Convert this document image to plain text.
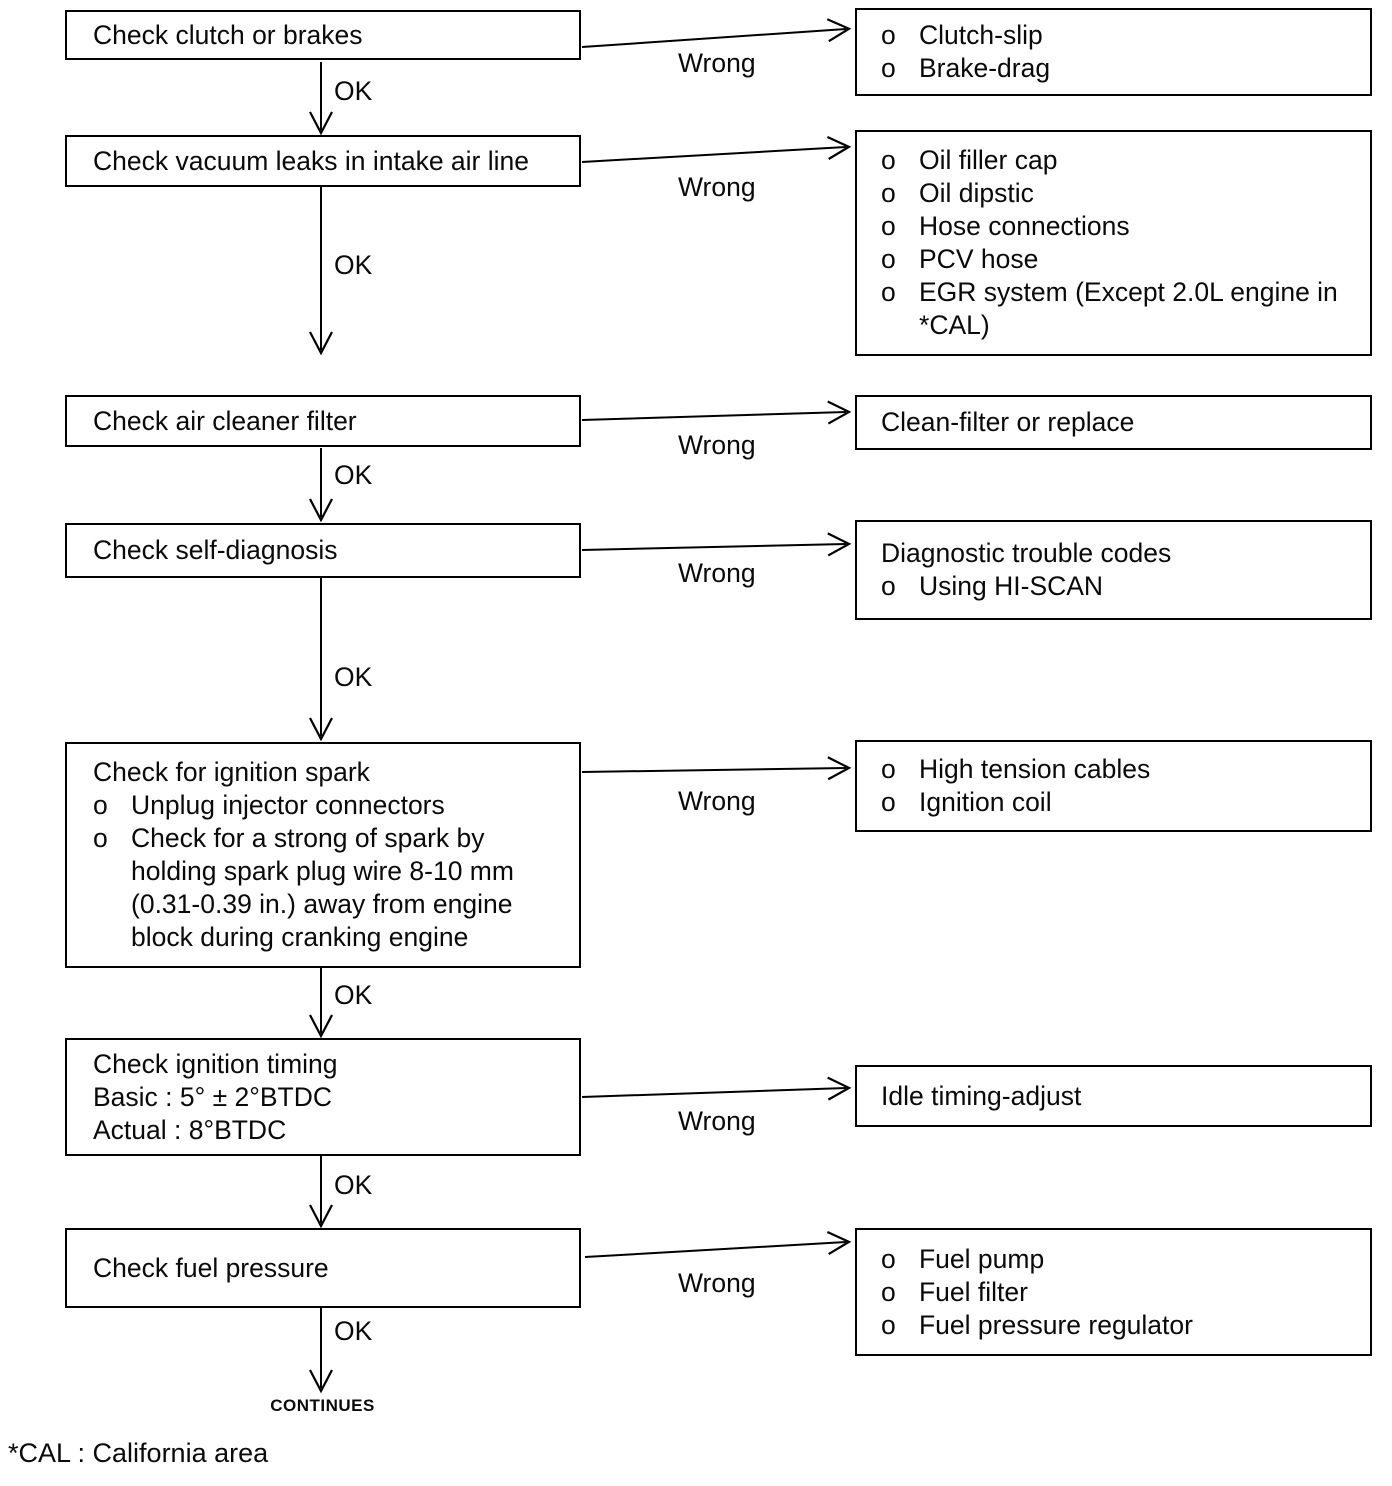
Check clutch or brakes
Check vacuum leaks in intake air line
Check air cleaner filter
Check self-diagnosis
Check for ignition spark
o Unplug injector connectors
o Check for a strong of spark by holding spark plug wire 8-10 mm (0.31-0.39 in.) away from engine block during cranking engine
Check ignition timing
Basic : 5° ± 2°BTDC
Actual : 8°BTDC
Check fuel pressure
o Clutch-slip
o Brake-drag
o Oil filler cap
o Oil dipstic
o Hose connections
o PCV hose
o EGR system (Except 2.0L engine in *CAL)
Clean-filter or replace
Diagnostic trouble codes
o Using HI-SCAN
o High tension cables
o Ignition coil
Idle timing-adjust
o Fuel pump
o Fuel filter
o Fuel pressure regulator
Wrong
Wrong
Wrong
Wrong
Wrong
Wrong
Wrong
OK
OK
OK
OK
OK
OK
OK
CONTINUES
*CAL : California area
